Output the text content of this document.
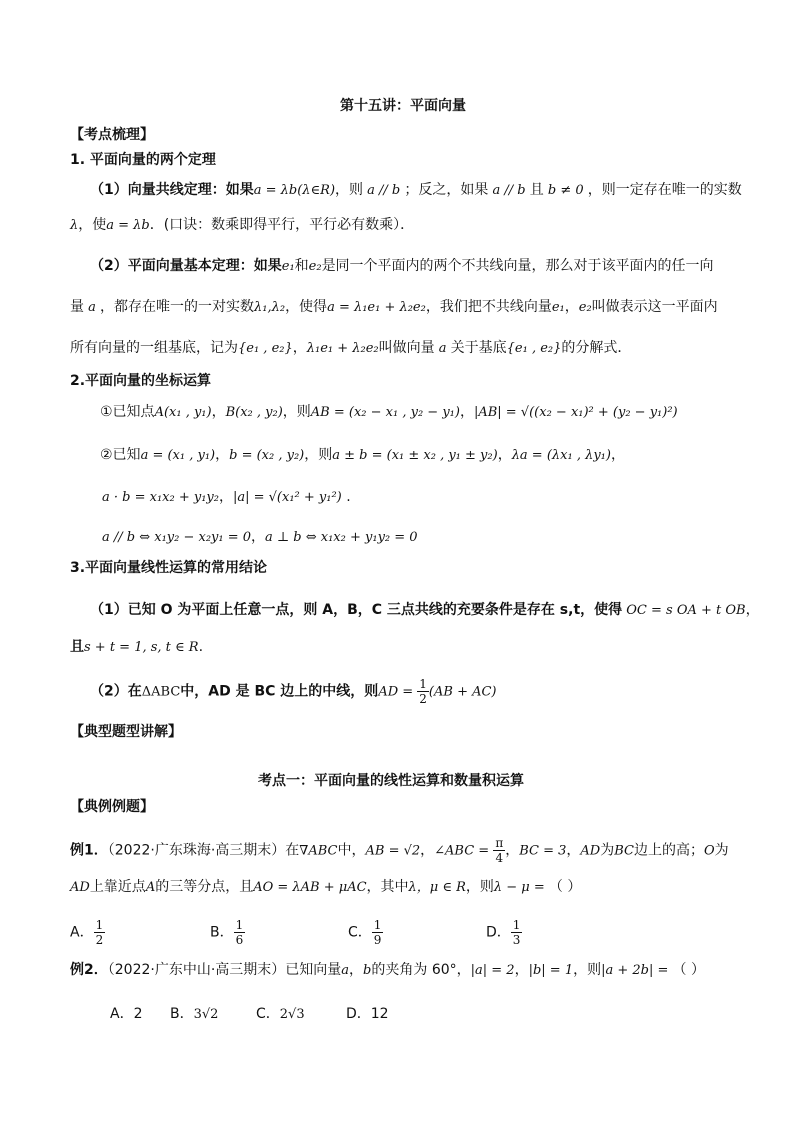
第十五讲：平面向量
【考点梳理】
1. 平面向量的两个定理
（1）向量共线定理：如果a = λb(λ∈R)，则 a // b ；反之，如果 a // b 且 b ≠ 0 ，则一定存在唯一的实数
λ，使a = λb．(口诀：数乘即得平行，平行必有数乘）．
（2）平面向量基本定理：如果e₁和e₂是同一个平面内的两个不共线向量，那么对于该平面内的任一向
量 a ，都存在唯一的一对实数λ₁,λ₂，使得a = λ₁e₁ + λ₂e₂，我们把不共线向量e₁，e₂叫做表示这一平面内
所有向量的一组基底，记为{e₁ , e₂}，λ₁e₁ + λ₂e₂叫做向量 a 关于基底{e₁ , e₂}的分解式．
2.平面向量的坐标运算
①已知点A(x₁ , y₁)，B(x₂ , y₂)，则AB = (x₂ − x₁ , y₂ − y₁)，|AB| = √((x₂ − x₁)² + (y₂ − y₁)²)
②已知a = (x₁ , y₁)，b = (x₂ , y₂)，则a ± b = (x₁ ± x₂ , y₁ ± y₂)，λa = (λx₁ , λy₁)，
a · b = x₁x₂ + y₁y₂，|a| = √(x₁² + y₁²) .
a // b ⇔ x₁y₂ − x₂y₁ = 0，a ⊥ b ⇔ x₁x₂ + y₁y₂ = 0
3.平面向量线性运算的常用结论
（1）已知 O 为平面上任意一点，则 A，B，C 三点共线的充要条件是存在 s,t，使得 OC = s OA + t OB，
且s + t = 1, s, t ∈ R.
（2）在ΔABC中，AD 是 BC 边上的中线，则AD = $\frac{1}{2} (AB + AC)$
【典型题型讲解】
考点一：平面向量的线性运算和数量积运算
【典例例题】
例1．（2022·广东珠海·高三期末）在∇ABC中，AB = √2，∠ABC = $\frac{\pi}{4}$ ，BC = 3，AD为BC边上的高；O为
AD上靠近点A的三等分点，且AO = λAB + μAC，其中λ，μ ∈ R，则λ − μ = （ ）
A． $\frac{1}{2}$	B． $\frac{1}{6}$	C． $\frac{1}{9}$	D． $\frac{1}{3}$
例2．（2022·广东中山·高三期末）已知向量a，b的夹角为 60°，|a| = 2，|b| = 1，则|a + 2b| = （ ）
A．2 B．3√2	C．2√3	D．12
